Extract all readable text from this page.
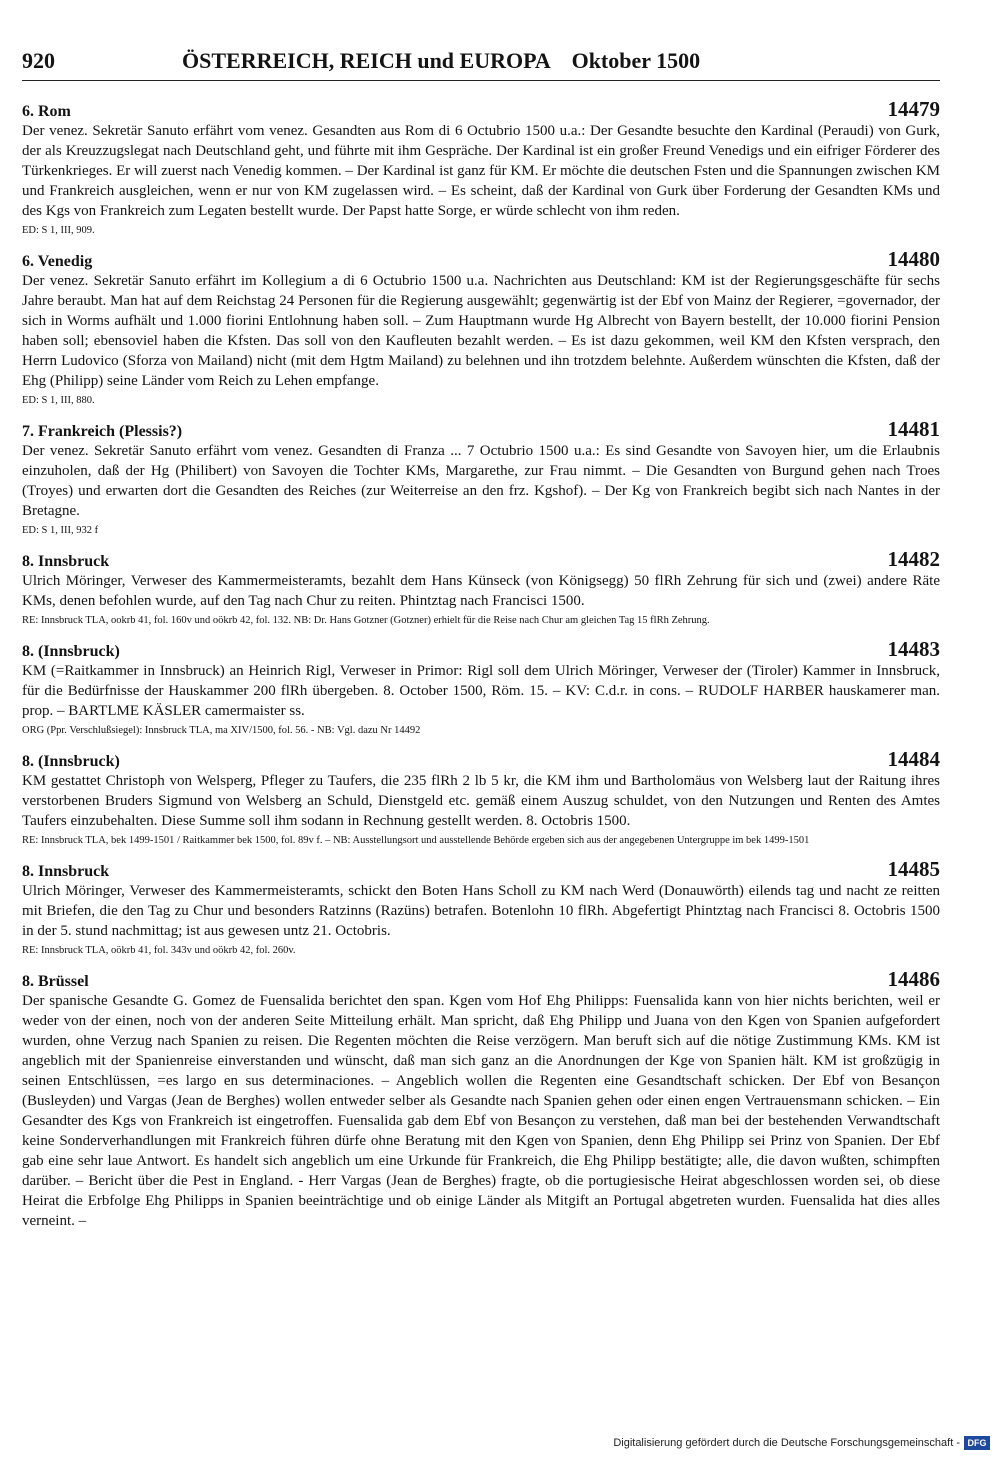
920	ÖSTERREICH, REICH und EUROPA    Oktober 1500
6. Rom	14479
Der venez. Sekretär Sanuto erfährt vom venez. Gesandten aus Rom di 6 Octubrio 1500 u.a.: Der Gesandte besuchte den Kardinal (Peraudi) von Gurk, der als Kreuzzugslegat nach Deutschland geht, und führte mit ihm Gespräche. Der Kardinal ist ein großer Freund Venedigs und ein eifriger Förderer des Türkenkrieges. Er will zuerst nach Venedig kommen. – Der Kardinal ist ganz für KM. Er möchte die deutschen Fsten und die Spannungen zwischen KM und Frankreich ausgleichen, wenn er nur von KM zugelassen wird. – Es scheint, daß der Kardinal von Gurk über Forderung der Gesandten KMs und des Kgs von Frankreich zum Legaten bestellt wurde. Der Papst hatte Sorge, er würde schlecht von ihm reden.
ED: S 1, III, 909.
6. Venedig	14480
Der venez. Sekretär Sanuto erfährt im Kollegium a di 6 Octubrio 1500 u.a. Nachrichten aus Deutschland: KM ist der Regierungsgeschäfte für sechs Jahre beraubt. Man hat auf dem Reichstag 24 Personen für die Regierung ausgewählt; gegenwärtig ist der Ebf von Mainz der Regierer, =governador, der sich in Worms aufhält und 1.000 fiorini Entlohnung haben soll. – Zum Hauptmann wurde Hg Albrecht von Bayern bestellt, der 10.000 fiorini Pension haben soll; ebensoviel haben die Kfsten. Das soll von den Kaufleuten bezahlt werden. – Es ist dazu gekommen, weil KM den Kfsten versprach, den Herrn Ludovico (Sforza von Mailand) nicht (mit dem Hgtm Mailand) zu belehnen und ihn trotzdem belehnte. Außerdem wünschten die Kfsten, daß der Ehg (Philipp) seine Länder vom Reich zu Lehen empfange.
ED: S 1, III, 880.
7. Frankreich (Plessis?)	14481
Der venez. Sekretär Sanuto erfährt vom venez. Gesandten di Franza ... 7 Octubrio 1500 u.a.: Es sind Gesandte von Savoyen hier, um die Erlaubnis einzuholen, daß der Hg (Philibert) von Savoyen die Tochter KMs, Margarethe, zur Frau nimmt. – Die Gesandten von Burgund gehen nach Troes (Troyes) und erwarten dort die Gesandten des Reiches (zur Weiterreise an den frz. Kgshof). – Der Kg von Frankreich begibt sich nach Nantes in der Bretagne.
ED: S 1, III, 932 f
8. Innsbruck	14482
Ulrich Möringer, Verweser des Kammermeisteramts, bezahlt dem Hans Künseck (von Königsegg) 50 flRh Zehrung für sich und (zwei) andere Räte KMs, denen befohlen wurde, auf den Tag nach Chur zu reiten. Phintztag nach Francisci 1500.
RE: Innsbruck TLA, ookrb 41, fol. 160v und oökrb 42, fol. 132. NB: Dr. Hans Gotzner (Gotzner) erhielt für die Reise nach Chur am gleichen Tag 15 flRh Zehrung.
8. (Innsbruck)	14483
KM (=Raitkammer in Innsbruck) an Heinrich Rigl, Verweser in Primor: Rigl soll dem Ulrich Möringer, Verweser der (Tiroler) Kammer in Innsbruck, für die Bedürfnisse der Hauskammer 200 flRh übergeben. 8. October 1500, Röm. 15. – KV: C.d.r. in cons. – RUDOLF HARBER hauskamerer man. prop. – BARTLME KÄSLER camermaister ss.
ORG (Ppr. Verschlußsiegel): Innsbruck TLA, ma XIV/1500, fol. 56. - NB: Vgl. dazu Nr 14492
8. (Innsbruck)	14484
KM gestattet Christoph von Welsperg, Pfleger zu Taufers, die 235 flRh 2 lb 5 kr, die KM ihm und Bartholomäus von Welsberg laut der Raitung ihres verstorbenen Bruders Sigmund von Welsberg an Schuld, Dienstgeld etc. gemäß einem Auszug schuldet, von den Nutzungen und Renten des Amtes Taufers einzubehalten. Diese Summe soll ihm sodann in Rechnung gestellt werden. 8. Octobris 1500.
RE: Innsbruck TLA, bek 1499-1501 / Raitkammer bek 1500, fol. 89v f. – NB: Ausstellungsort und ausstellende Behörde ergeben sich aus der angegebenen Untergruppe im bek 1499-1501
8. Innsbruck	14485
Ulrich Möringer, Verweser des Kammermeisteramts, schickt den Boten Hans Scholl zu KM nach Werd (Donauwörth) eilends tag und nacht ze reitten mit Briefen, die den Tag zu Chur und besonders Ratzinns (Razüns) betrafen. Botenlohn 10 flRh. Abgefertigt Phintztag nach Francisci 8. Octobris 1500 in der 5. stund nachmittag; ist aus gewesen untz 21. Octobris.
RE: Innsbruck TLA, oökrb 41, fol. 343v und oökrb 42, fol. 260v.
8. Brüssel	14486
Der spanische Gesandte G. Gomez de Fuensalida berichtet den span. Kgen vom Hof Ehg Philipps: Fuensalida kann von hier nichts berichten, weil er weder von der einen, noch von der anderen Seite Mitteilung erhält. Man spricht, daß Ehg Philipp und Juana von den Kgen von Spanien aufgefordert wurden, ohne Verzug nach Spanien zu reisen. Die Regenten möchten die Reise verzögern. Man beruft sich auf die nötige Zustimmung KMs. KM ist angeblich mit der Spanienreise einverstanden und wünscht, daß man sich ganz an die Anordnungen der Kge von Spanien hält. KM ist großzügig in seinen Entschlüssen, =es largo en sus determinaciones. – Angeblich wollen die Regenten eine Gesandtschaft schicken. Der Ebf von Besançon (Busleyden) und Vargas (Jean de Berghes) wollen entweder selber als Gesandte nach Spanien gehen oder einen engen Vertrauensmann schicken. – Ein Gesandter des Kgs von Frankreich ist eingetroffen. Fuensalida gab dem Ebf von Besançon zu verstehen, daß man bei der bestehenden Verwandtschaft keine Sonderverhandlungen mit Frankreich führen dürfe ohne Beratung mit den Kgen von Spanien, denn Ehg Philipp sei Prinz von Spanien. Der Ebf gab eine sehr laue Antwort. Es handelt sich angeblich um eine Urkunde für Frankreich, die Ehg Philipp bestätigte; alle, die davon wußten, schimpften darüber. – Bericht über die Pest in England. - Herr Vargas (Jean de Berghes) fragte, ob die portugiesische Heirat abgeschlossen worden sei, ob diese Heirat die Erbfolge Ehg Philipps in Spanien beeinträchtige und ob einige Länder als Mitgift an Portugal abgetreten wurden. Fuensalida hat dies alles verneint. –
Digitalisierung gefördert durch die Deutsche Forschungsgemeinschaft - DFG
